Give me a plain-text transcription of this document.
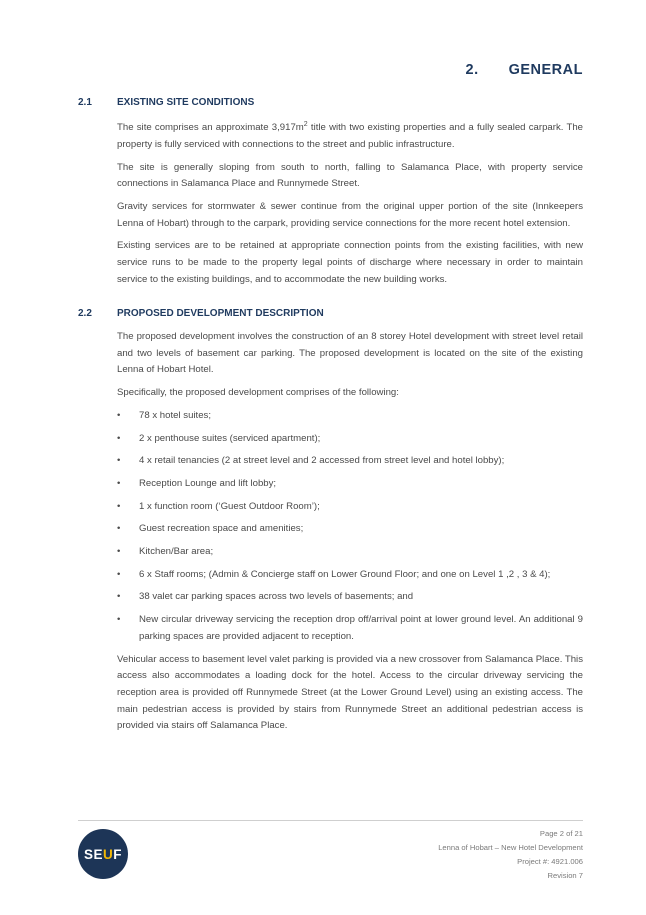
2. GENERAL
2.1	EXISTING SITE CONDITIONS

The site comprises an approximate $3,917m^2$ title with two existing properties and a fully sealed carpark. The property is fully serviced with connections to the street and public infrastructure.

The site is generally sloping from south to north, falling to Salamanca Place, with property service connections in Salamanca Place and Runnymede Street.

Gravity services for stormwater & sewer continue from the original upper portion of the site (Innkeepers Lenna of Hobart) through to the carpark, providing service connections for the more recent hotel extension.

Existing services are to be retained at appropriate connection points from the existing facilities, with new service runs to be made to the property legal points of discharge where necessary in order to maintain service to the existing buildings, and to accommodate the new building works.

2.2	PROPOSED DEVELOPMENT DESCRIPTION

The proposed development involves the construction of an 8 storey Hotel development with street level retail and two levels of basement car parking. The proposed development is located on the site of the existing Lenna of Hobart Hotel.

Specifically, the proposed development comprises of the following:

• 78 x hotel suites;
• 2 x penthouse suites (serviced apartment);
• 4 x retail tenancies (2 at street level and 2 accessed from street level and hotel lobby);
• Reception Lounge and lift lobby;
• 1 x function room (‘Guest Outdoor Room’);
• Guest recreation space and amenities;
• Kitchen/Bar area;
• 6 x Staff rooms; (Admin & Concierge staff on Lower Ground Floor; and one on Level 1 ,2 , 3 & 4);
• 38 valet car parking spaces across two levels of basements; and
• New circular driveway servicing the reception drop off/arrival point at lower ground level. An additional 9 parking spaces are provided adjacent to reception.

Vehicular access to basement level valet parking is provided via a new crossover from Salamanca Place. This access also accommodates a loading dock for the hotel. Access to the circular driveway servicing the reception area is provided off Runnymede Street (at the Lower Ground Level) using an existing access. The main pedestrian access is provided by stairs from Runnymede Street an additional pedestrian access is provided via stairs off Salamanca Place.

SE U F
Page 2 of 21
Lenna of Hobart – New Hotel Development
Project #: 4921.006
Revision 7
